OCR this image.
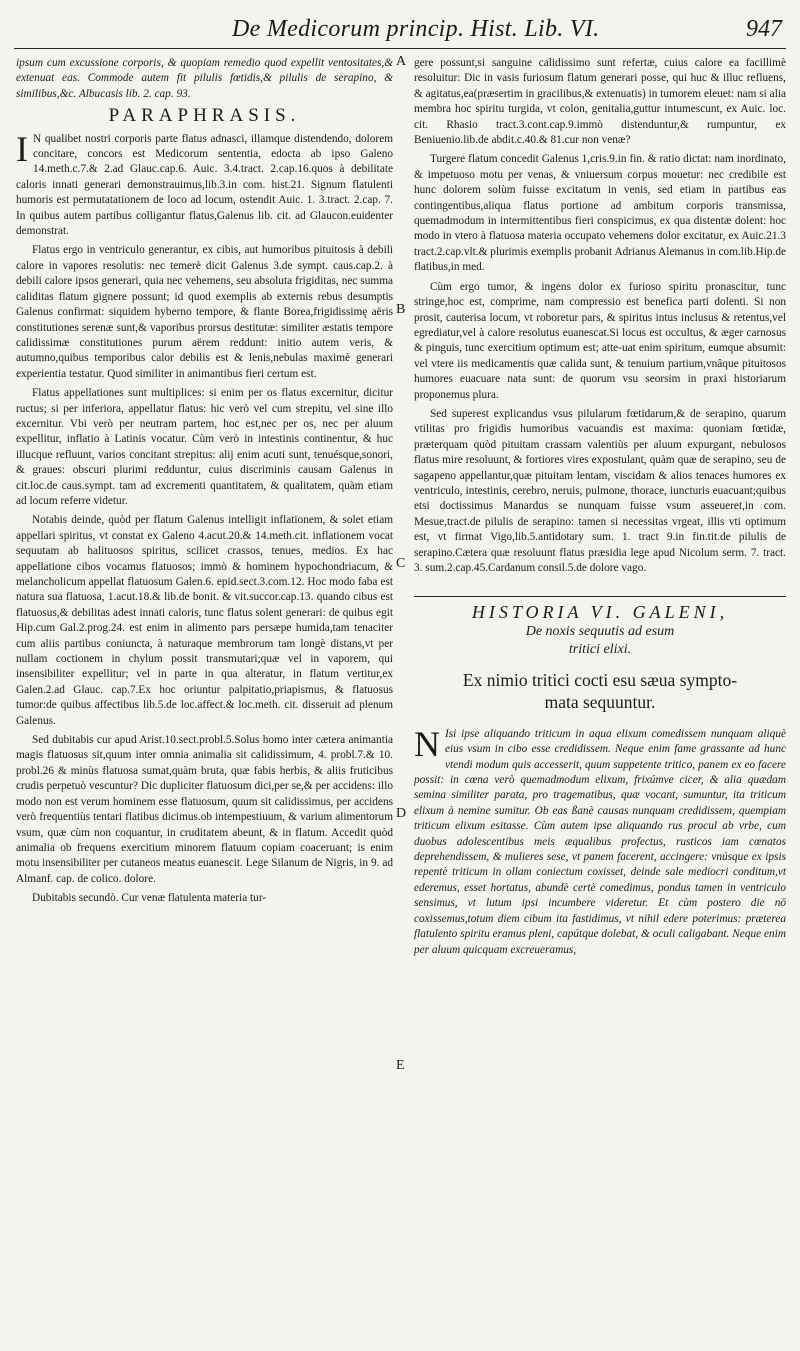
De Medicorum princip. Hist. Lib. VI.	947
A
B
C
D
E

ipsum cum excussione corporis, & quopiam remedio quod expellit ventositates,& extenuat eas. Commode autem fit pilulis fœtidis,& pilulis de serapino, & similibus,&c. Albucasis lib. 2. cap. 93.

PARAPHRASIS.

I N qualibet nostri corporis parte flatus adnasci, illamque distendendo, dolorem concitare, concors est Medicorum sententia, edocta ab ipso Galeno 14.meth.c.7.& 2.ad Glauc.cap.6. Auic. 3.4.tract. 2.cap.16.quos à debilitate caloris innati generari demonstrauimus,lib.3.in com. hist.21. Signum flatulenti humoris est permutatationem de loco ad locum, ostendit Auic. 1. 3.tract. 2.cap. 7. In quibus autem partibus colligantur flatus,Galenus lib. cit. ad Glaucon.euidenter demonstrat.

Flatus ergo in ventriculo generantur, ex cibis, aut humoribus pituitosis à debili calore in vapores resolutis: nec temerè dicit Galenus 3.de sympt. caus.cap.2. à debili calore ipsos generari, quia nec vehemens, seu absoluta frigiditas, nec summa caliditas flatum gignere possunt; id quod exemplis ab externis rebus desumptis Galenus confirmat: siquidem hyberno tempore, & flante Borea,frigidissimę aëris constitutiones serenæ sunt,& vaporibus prorsus destitutæ: similiter æstatis tempore calidissimæ constitutiones purum aërem reddunt: initio autem veris, & autumno,quibus temporibus calor debilis est & lenis,nebulas maximè generari experientia testatur. Quod similiter in animantibus fieri certum est.

Flatus appellationes sunt multiplices: si enim per os flatus excernitur, dicitur ructus; si per inferiora, appellatur flatus: hic verò vel cum strepitu, vel sine illo excernitur. Vbi verò per neutram partem, hoc est,nec per os, nec per aluum expellitur, inflatio à Latinis vocatur. Cùm verò in intestinis continentur, & huc illucque refluunt, varios concitant strepitus: alij enim acuti sunt, tenuésque,sonori, & graues: obscuri plurimi redduntur, cuius discriminis causam Galenus in cit.loc.de caus.sympt. tam ad excrementi quantitatem, & qualitatem, quàm etiam ad locum referre videtur.

Notabis deinde, quòd per flatum Galenus intelligit inflationem, & solet etiam appellari spiritus, vt constat ex Galeno 4.acut.20.& 14.meth.cit. inflationem vocat sequutam ab halituosos spiritus, scilicet crassos, tenues, medios. Ex hac appellatione cibos vocamus flatuosos; immò & hominem hypochondriacum, & melancholicum appellat flatuosum Galen.6. epid.sect.3.com.12. Hoc modo faba est natura sua flatuosa, 1.acut.18.& lib.de bonit. & vit.succor.cap.13. quando cibus est flatuosus,& debilitas adest innati caloris, tunc flatus solent generari: de quibus egit Hip.cum Gal.2.prog.24. est enim in alimento pars persæpe humida,tam tenaciter cum aliis partibus coniuncta, à naturaque membrorum tam longè distans,vt per nullam coctionem in chylum possit transmutari;quæ vel in vaporem, qui insensibiliter expellitur; vel in parte in qua alteratur, in flatum vertitur,ex Galen.2.ad Glauc. cap.7.Ex hoc oriuntur palpitatio,priapismus, & flatuosus tumor:de quibus affectibus lib.5.de loc.affect.& loc.meth. cit. disseruit ad plenum Galenus.

Sed dubitabis cur apud Arist.10.sect.probl.5.Solus homo inter cætera animantia magis flatuosus sit,quum inter omnia animalia sit calidissimum, 4. probl.7.& 10. probl.26 & minùs flatuosa sumat,quàm bruta, quæ fabis herbis, & aliis fruticibus crudis perpetuò vescuntur? Dic dupliciter flatuosum dici,per se,& per accidens: illo modo non est verum hominem esse flatuosum, quum sit calidissimus, per accidens verò frequentiùs tentari flatibus dicimus.ob intempestiuum, & varium alimentorum vsum, quæ cùm non coquantur, in cruditatem abeunt, & in flatum. Accedit quòd animalia ob frequens exercitium minorem flatuum copiam coaceruant; is enim motu insensibiliter per cutaneos meatus euanescit. Lege Silanum de Nigris, in 9. ad Almanf. cap. de colico. dolore.

Dubitabis secundò. Cur venæ flatulenta materia tur-

gere possunt,si sanguine calidissimo sunt refertæ, cuius calore ea facillimè resoluitur: Dic in vasis furiosum flatum generari posse, qui huc & illuc refluens, & agitatus,ea(præsertim in gracilibus,& extenuatis) in tumorem eleuet: nam si alia membra hoc spiritu turgida, vt colon, genitalia,guttur intumescunt, ex Auic. loc. cit. Rhasio tract.3.cont.cap.9.immò distenduntur,& rumpuntur, ex Beniuenio.lib.de abdit.c.40.& 81.cur non venæ?

Turgere flatum concedit Galenus 1,cris.9.in fin. & ratio dictat: nam inordinato, & impetuoso motu per venas, & vniuersum corpus mouetur: nec credibile est hunc dolorem solùm fuisse excitatum in venis, sed etiam in partibus eas contingentibus,aliqua flatus portione ad ambitum corporis transmissa, quemadmodum in intermittentibus fieri conspicimus, ex qua distentæ dolent: hoc modo in vtero à flatuosa materia occupato vehemens dolor excitatur, ex Auic.21.3 tract.2.cap.vlt.& plurimis exemplis probanit Adrianus Alemanus in com.lib.Hip.de flatibus,in med.

Cùm ergo tumor, & ingens dolor ex furioso spiritu pronascitur, tunc stringe,hoc est, comprime, nam compressio est benefica parti dolenti. Si non prosit, cauterisa locum, vt roboretur pars, & spiritus intus inclusus & retentus,vel egrediatur,vel à calore resolutus euanescat.Si locus est occultus, & æger carnosus & pinguis, tunc exercitium optimum est; atte-uat enim spiritum, eumque absumit: vel vtere iis medicamentis quæ calida sunt, & tenuium partium,vnâque pituitosos humores euacuare nata sunt: de quorum vsu seorsim in praxi historiarum proponemus plura.

Sed superest explicandus vsus pilularum fœtidarum,& de serapino, quarum vtilitas pro frigidis humoribus vacuandis est maxima: quoniam fœtidæ, præterquam quòd pituitam crassam valentiùs per aluum expurgant, nebulosos flatus mire resoluunt, & fortiores vires expostulant, quàm quæ de serapino, seu de sagapeno appellantur,quæ pituitam lentam, viscidam & alios tenaces humores ex ventriculo, intestinis, cerebro, neruis, pulmone, thorace, iuncturis euacuant;quibus etsi doctissimus Manardus se nunquam fuisse vsum asseueret,in com. Mesue,tract.de pilulis de serapino: tamen si necessitas vrgeat, illis vti optimum est, vt firmat Vigo,lib.5.antidotary sum. 1. tract 9.in fin.tit.de pilulis de serapino.Cætera quæ resoluunt flatus præsidia lege apud Nicolum serm. 7. tract. 3. sum.2.cap.45.Cardanum consil.5.de dolore vago.

HISTORIA VI. GALENI,
De noxis sequutis ad esum
tritici elixi.
Ex nimio tritici cocti esu sæua sympto-
mata sequuntur.

N Isi ipse aliquando triticum in aqua elixum comedissem nunquam aliquè eius vsum in cibo esse credidissem. Neque enim fame grassante ad hunc vtendi modum quis accesserit, quum suppetente tritico, panem ex eo facere possit: in cœna verò quemadmodum elixum, frixúmve cicer, & alia quædam semina similiter parata, pro tragematibus, quæ vocant, sumuntur, ita triticum elixum à nemine sumitur. Ob eas ßanè causas nunquam credidissem, quempiam triticum elixum esitasse. Cùm autem ipse aliquando rus procul ab vrbe, cum duobus adolescentibus meis æqualibus profectus, rusticos iam cœnatos deprehendissem, & mulieres sese, vt panem facerent, accingere: vnúsque ex ipsis repentè triticum in ollam coniectum coxisset, deinde sale mediocri conditum,vt ederemus, esset hortatus, abundè certè comedimus, pondus tamen in ventriculo sensimus, vt lutum ipsi incumbere videretur. Et cùm postero die nō coxissemus,totum diem cibum ita fastidimus, vt nihil edere poterimus: præterea flatulento spiritu eramus pleni, capútque dolebat, & oculi caligabant. Neque enim per aluum quicquam excreueramus,
